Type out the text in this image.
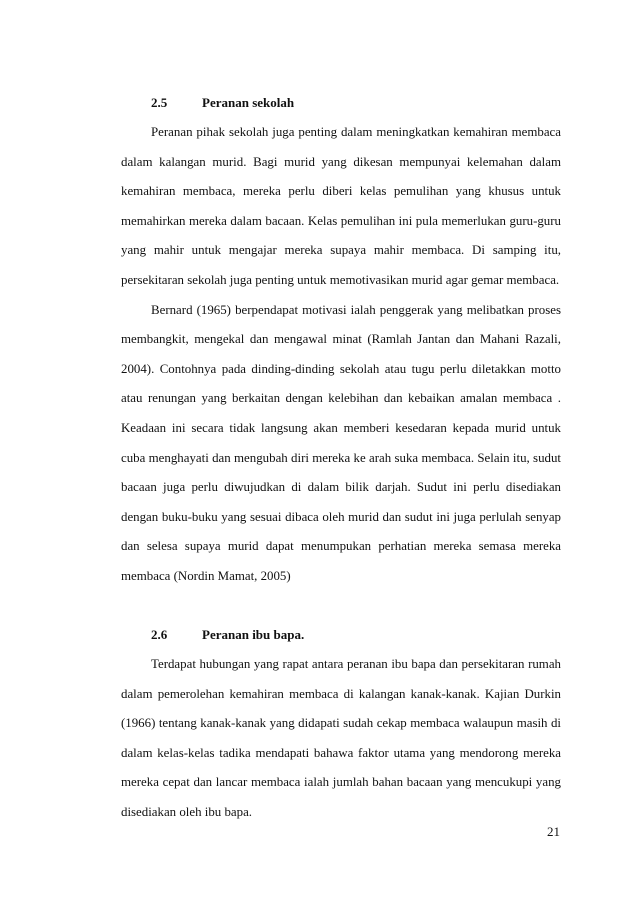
2.5	Peranan sekolah

Peranan pihak sekolah juga penting dalam meningkatkan kemahiran membaca dalam kalangan murid. Bagi murid yang dikesan mempunyai kelemahan dalam kemahiran membaca, mereka perlu diberi kelas pemulihan yang khusus untuk memahirkan mereka dalam bacaan. Kelas pemulihan ini pula memerlukan guru-guru yang mahir untuk mengajar mereka supaya mahir membaca. Di samping itu, persekitaran sekolah juga penting untuk memotivasikan murid agar gemar membaca.

Bernard (1965) berpendapat motivasi ialah penggerak yang melibatkan proses membangkit, mengekal dan mengawal minat (Ramlah Jantan dan Mahani Razali, 2004). Contohnya pada dinding-dinding sekolah atau tugu perlu diletakkan motto atau renungan yang berkaitan dengan kelebihan dan kebaikan amalan membaca . Keadaan ini secara tidak langsung akan memberi kesedaran kepada murid untuk cuba menghayati dan mengubah diri mereka ke arah suka membaca. Selain itu, sudut bacaan juga perlu diwujudkan di dalam bilik darjah. Sudut ini perlu disediakan dengan buku-buku yang sesuai dibaca oleh murid dan sudut ini juga perlulah senyap dan selesa supaya murid dapat menumpukan perhatian mereka semasa mereka membaca (Nordin Mamat, 2005)

2.6	Peranan ibu bapa.

Terdapat hubungan yang rapat antara peranan ibu bapa dan persekitaran rumah dalam pemerolehan kemahiran membaca di kalangan kanak-kanak. Kajian Durkin (1966) tentang kanak-kanak yang didapati sudah cekap membaca walaupun masih di dalam kelas-kelas tadika mendapati bahawa faktor utama yang mendorong mereka mereka cepat dan lancar membaca ialah jumlah bahan bacaan yang mencukupi yang disediakan oleh ibu bapa.

21
